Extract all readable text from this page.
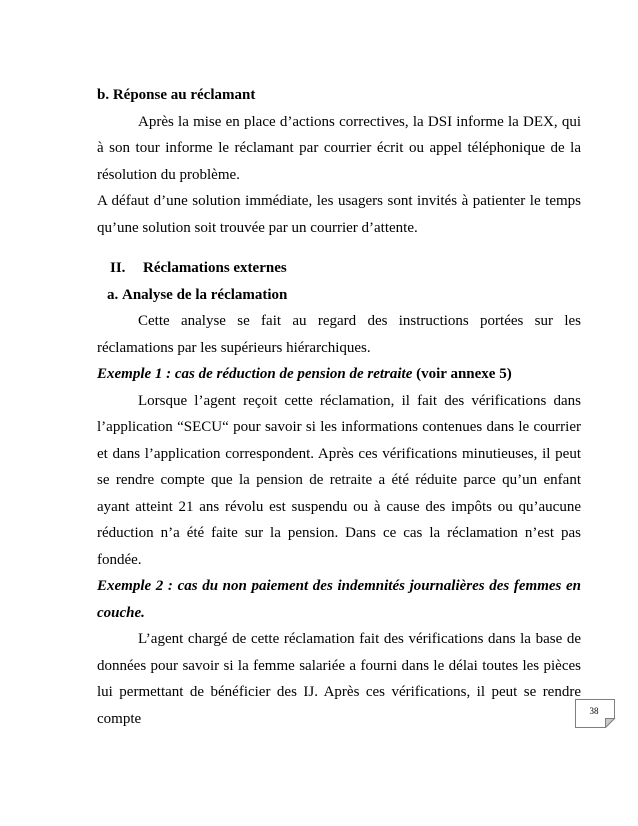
b. Réponse au réclamant

Après la mise en place d’actions correctives, la DSI informe la DEX, qui à son tour informe le réclamant par courrier écrit ou appel téléphonique de la résolution du problème.

A défaut d’une solution immédiate, les usagers sont invités à patienter le temps qu’une solution soit trouvée par un courrier d’attente.

II. Réclamations externes

a. Analyse de la réclamation

Cette analyse se fait au regard des instructions portées sur les réclamations par les supérieurs hiérarchiques.

Exemple 1 : cas de réduction de pension de retraite (voir annexe 5)

Lorsque l’agent reçoit cette réclamation, il fait des vérifications dans l’application “SECU“ pour savoir si les informations contenues dans le courrier et dans l’application correspondent. Après ces vérifications minutieuses, il peut se rendre compte que la pension de retraite a été réduite parce qu’un enfant ayant atteint 21 ans révolu est suspendu ou à cause des impôts ou qu’aucune réduction n’a été faite sur la pension. Dans ce cas la réclamation n’est pas fondée.

Exemple 2 : cas du non paiement des indemnités journalières des femmes en couche.

L’agent chargé de cette réclamation fait des vérifications dans la base de données pour savoir si la femme salariée a fourni dans le délai toutes les pièces lui permettant de bénéficier des IJ. Après ces vérifications, il peut se rendre compte	38
